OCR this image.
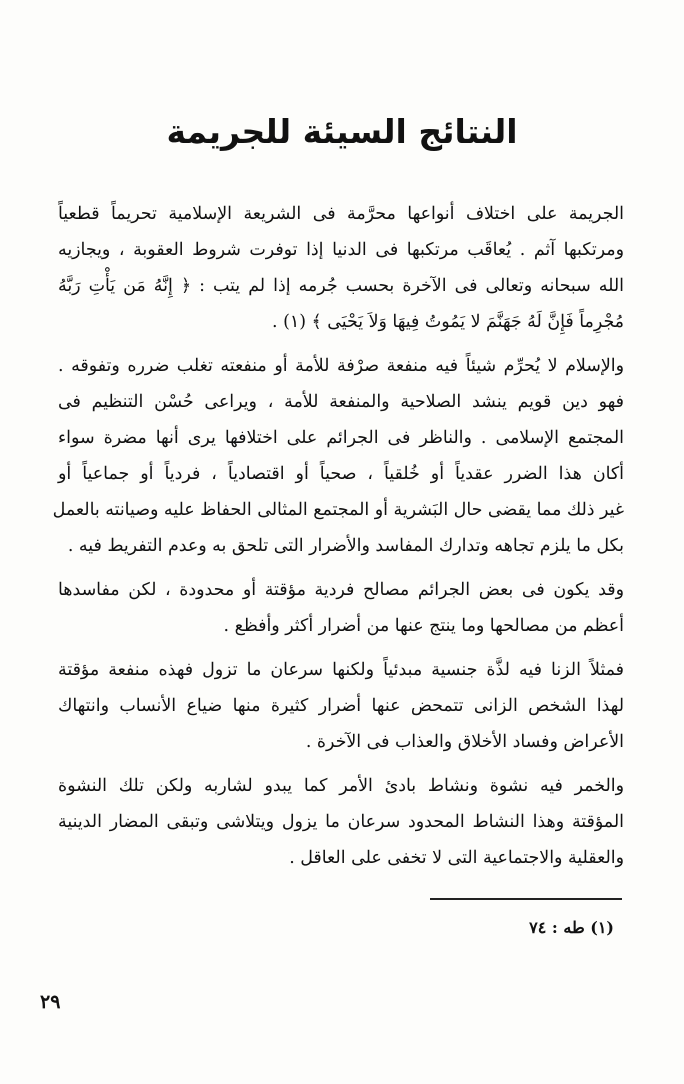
النتائج السيئة للجريمة
الجريمة على اختلاف أنواعها محرَّمة فى الشريعة الإسلامية تحريماً قطعياً
ومرتكبها آثم . يُعاقَب مرتكبها فى الدنيا إذا توفرت شروط العقوبة ، ويجازيه
الله سبحانه وتعالى فى الآخرة بحسب جُرمه إذا لم يتب : ﴿ إِنَّهُ مَن يَأْتِ رَبَّهُ
مُجْرِماً فَإِنَّ لَهُ جَهَنَّمَ لا يَمُوتُ فِيهَا وَلاَ يَحْيَى ﴾ (١) .
والإسلام لا يُحرِّم شيئاً فيه منفعة صرْفة للأمة أو منفعته تغلب ضرره وتفوقه .
فهو دين قويم ينشد الصلاحية والمنفعة للأمة ، ويراعى حُسْن التنظيم فى
المجتمع الإسلامى . والناظر فى الجرائم على اختلافها يرى أنها مضرة سواء
أكان هذا الضرر عقدياً أو خُلقياً ، صحياً أو اقتصادياً ، فردياً أو جماعياً أو
غير ذلك مما يقضى حال البَشرية أو المجتمع المثالى الحفاظ عليه وصيانته بالعمل
بكل ما يلزم تجاهه وتدارك المفاسد والأضرار التى تلحق به وعدم التفريط فيه .
وقد يكون فى بعض الجرائم مصالح فردية مؤقتة أو محدودة ، لكن مفاسدها
أعظم من مصالحها وما ينتج عنها من أضرار أكثر وأفظع .
فمثلاً الزنا فيه لذَّة جنسية مبدئياً ولكنها سرعان ما تزول فهذه منفعة مؤقتة
لهذا الشخص الزانى تتمحض عنها أضرار كثيرة منها ضياع الأنساب وانتهاك
الأعراض وفساد الأخلاق والعذاب فى الآخرة .
والخمر فيه نشوة ونشاط بادئ الأمر كما يبدو لشاربه ولكن تلك النشوة
المؤقتة وهذا النشاط المحدود سرعان ما يزول ويتلاشى وتبقى المضار الدينية
والعقلية والاجتماعية التى لا تخفى على العاقل .
(١) طه : ٧٤
٢٩
